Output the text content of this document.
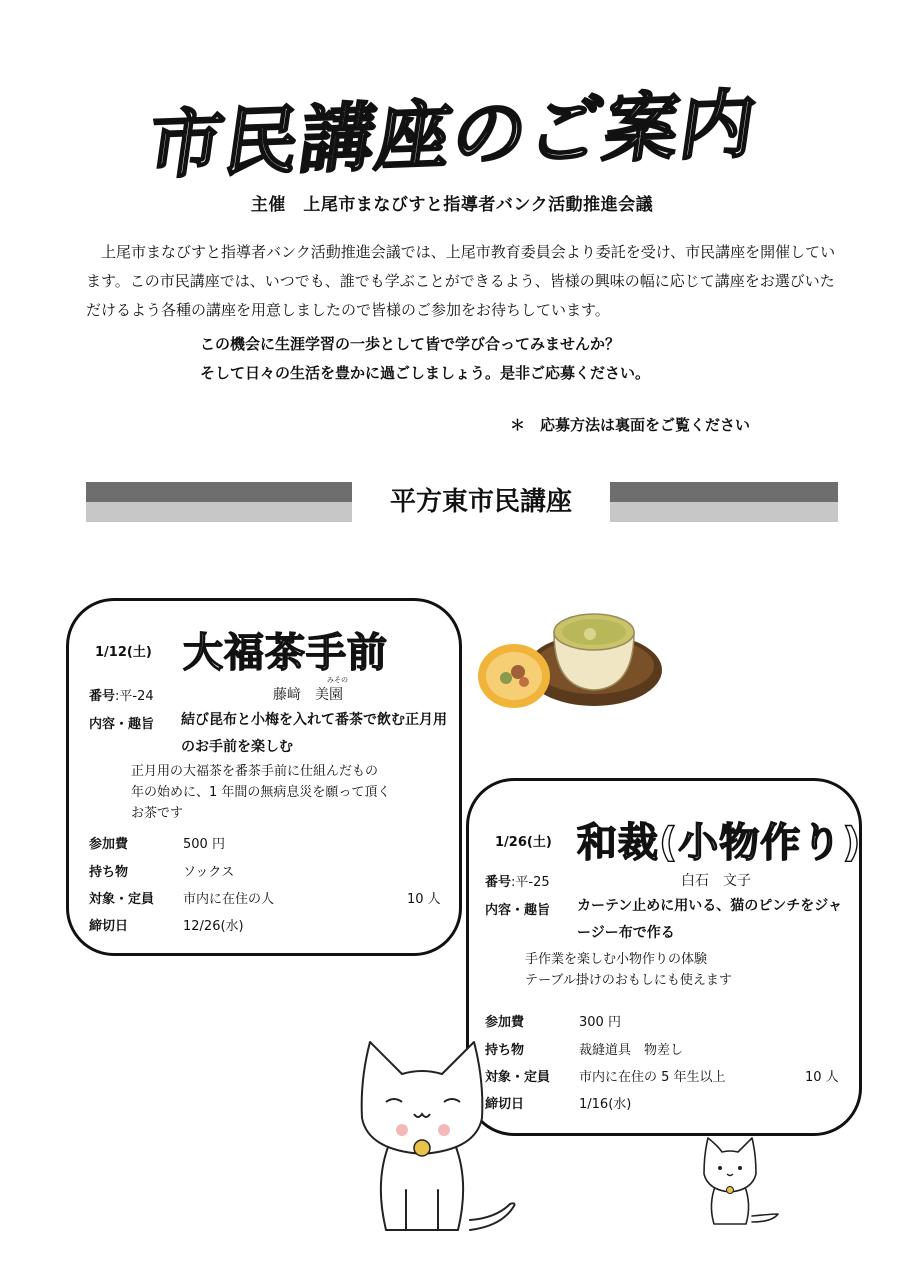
市民講座のご案内
主催　上尾市まなびすと指導者バンク活動推進会議
上尾市まなびすと指導者バンク活動推進会議では、上尾市教育委員会より委託を受け、市民講座を開催しています。この市民講座では、いつでも、誰でも学ぶことができるよう、皆様の興味の幅に応じて講座をお選びいただけるよう各種の講座を用意しましたので皆様のご参加をお待ちしています。
この機会に生涯学習の一歩として皆で学び合ってみませんか？
そして日々の生活を豊かに過ごしましょう。是非ご応募ください。
＊　応募方法は裏面をご覧ください
平方東市民講座
1/12(土) 大福茶手前
番号:平-24
みその
藤﨑　美園
内容・趣旨 結び昆布と小梅を入れて番茶で飲む正月用のお手前を楽しむ
正月用の大福茶を番茶手前に仕組んだもの
年の始めに、1 年間の無病息災を願って頂く
お茶です
参加費	500 円
持ち物	ソックス
対象・定員 市内に在住の人	10 人
締切日	12/26(水)
1/26(土) 和裁(小物作り)
番号:平-25	白石　文子
内容・趣旨 カーテン止めに用いる、猫のピンチをジャージー布で作る
手作業を楽しむ小物作りの体験
テーブル掛けのおもしにも使えます
参加費	300 円
持ち物	裁縫道具　物差し
対象・定員 市内に在住の 5 年生以上	10 人
締切日	1/16(水)
